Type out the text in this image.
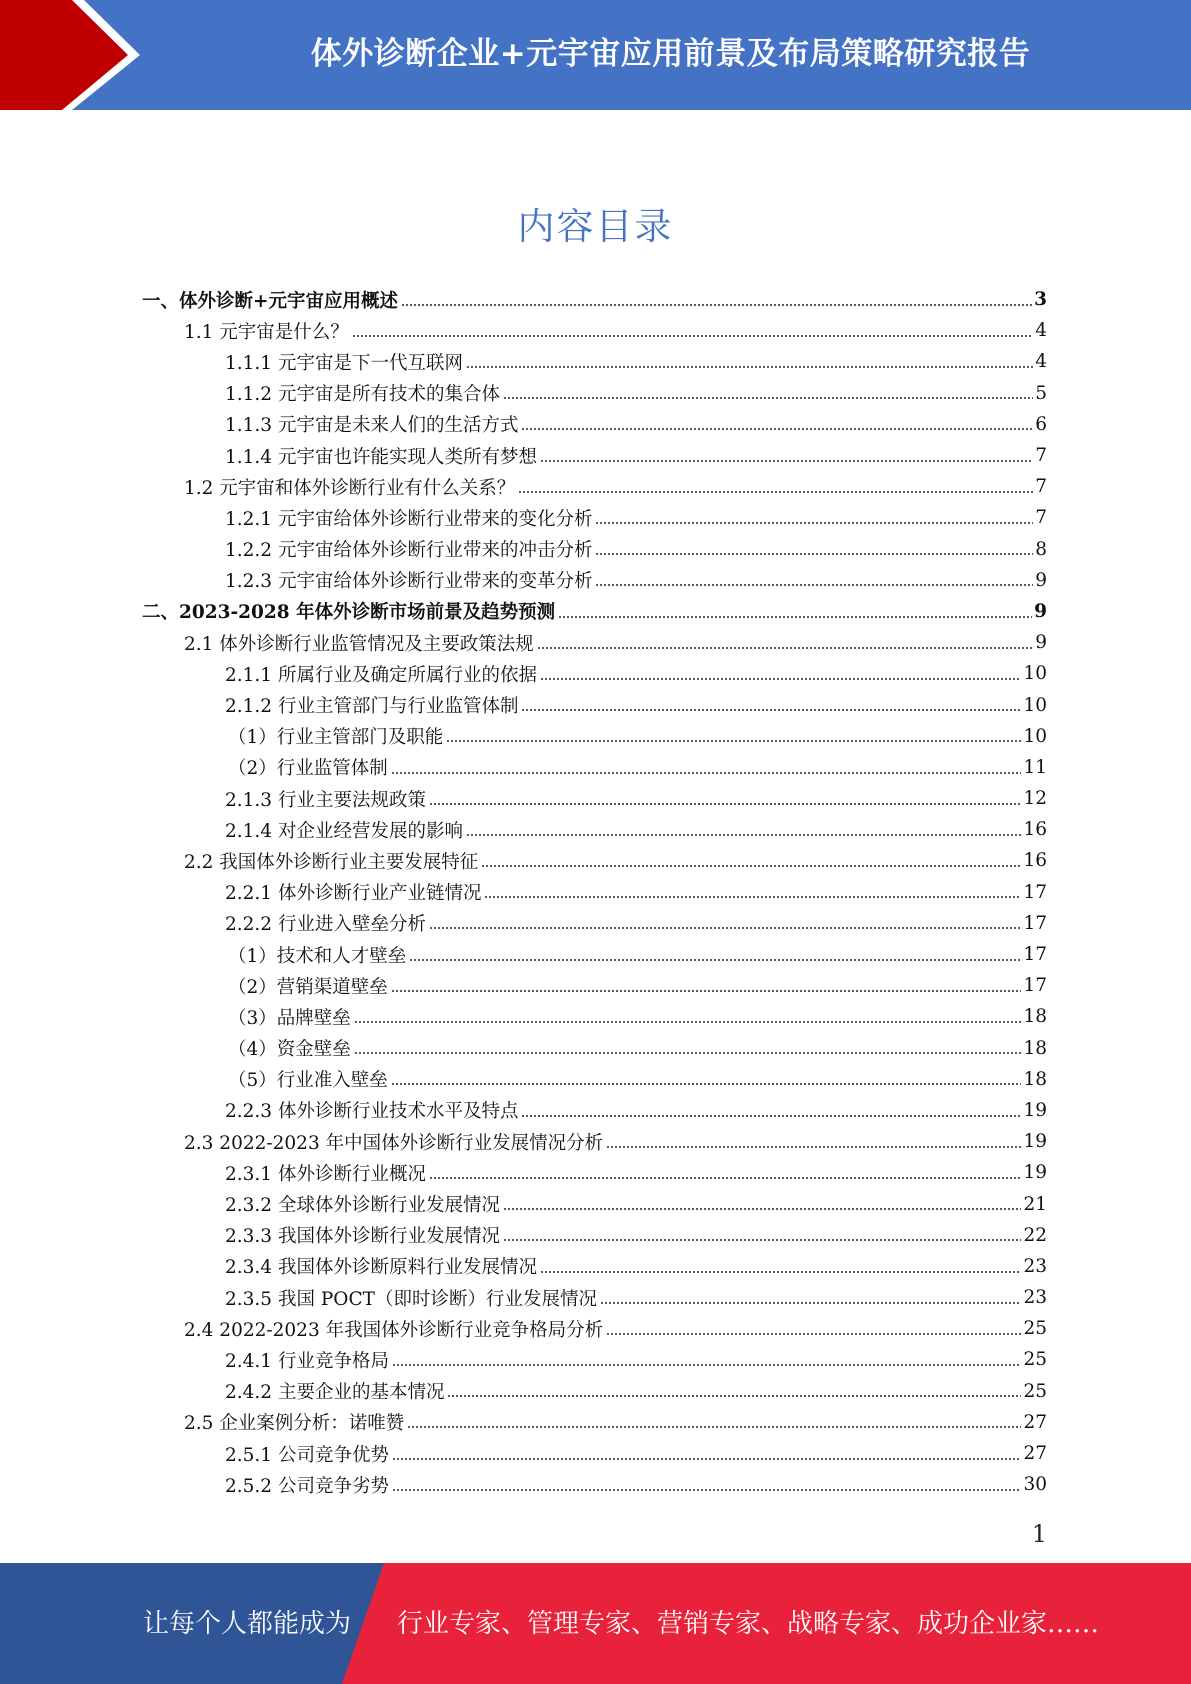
体外诊断企业+元宇宙应用前景及布局策略研究报告
内容目录
一、体外诊断+元宇宙应用概述	3
1.1 元宇宙是什么？	4
1.1.1 元宇宙是下一代互联网	4
1.1.2 元宇宙是所有技术的集合体	5
1.1.3 元宇宙是未来人们的生活方式	6
1.1.4 元宇宙也许能实现人类所有梦想	7
1.2 元宇宙和体外诊断行业有什么关系？	7
1.2.1 元宇宙给体外诊断行业带来的变化分析	7
1.2.2 元宇宙给体外诊断行业带来的冲击分析	8
1.2.3 元宇宙给体外诊断行业带来的变革分析	9
二、2023-2028 年体外诊断市场前景及趋势预测	9
2.1 体外诊断行业监管情况及主要政策法规	9
2.1.1 所属行业及确定所属行业的依据	10
2.1.2 行业主管部门与行业监管体制	10
（1）行业主管部门及职能	10
（2）行业监管体制	11
2.1.3 行业主要法规政策	12
2.1.4 对企业经营发展的影响	16
2.2 我国体外诊断行业主要发展特征	16
2.2.1 体外诊断行业产业链情况	17
2.2.2 行业进入壁垒分析	17
（1）技术和人才壁垒	17
（2）营销渠道壁垒	17
（3）品牌壁垒	18
（4）资金壁垒	18
（5）行业准入壁垒	18
2.2.3 体外诊断行业技术水平及特点	19
2.3 2022-2023 年中国体外诊断行业发展情况分析	19
2.3.1 体外诊断行业概况	19
2.3.2 全球体外诊断行业发展情况	21
2.3.3 我国体外诊断行业发展情况	22
2.3.4 我国体外诊断原料行业发展情况	23
2.3.5 我国 POCT（即时诊断）行业发展情况	23
2.4 2022-2023 年我国体外诊断行业竞争格局分析	25
2.4.1 行业竞争格局	25
2.4.2 主要企业的基本情况	25
2.5 企业案例分析：诺唯赞	27
2.5.1 公司竞争优势	27
2.5.2 公司竞争劣势	30
1
让每个人都能成为 行业专家、管理专家、营销专家、战略专家、成功企业家……
